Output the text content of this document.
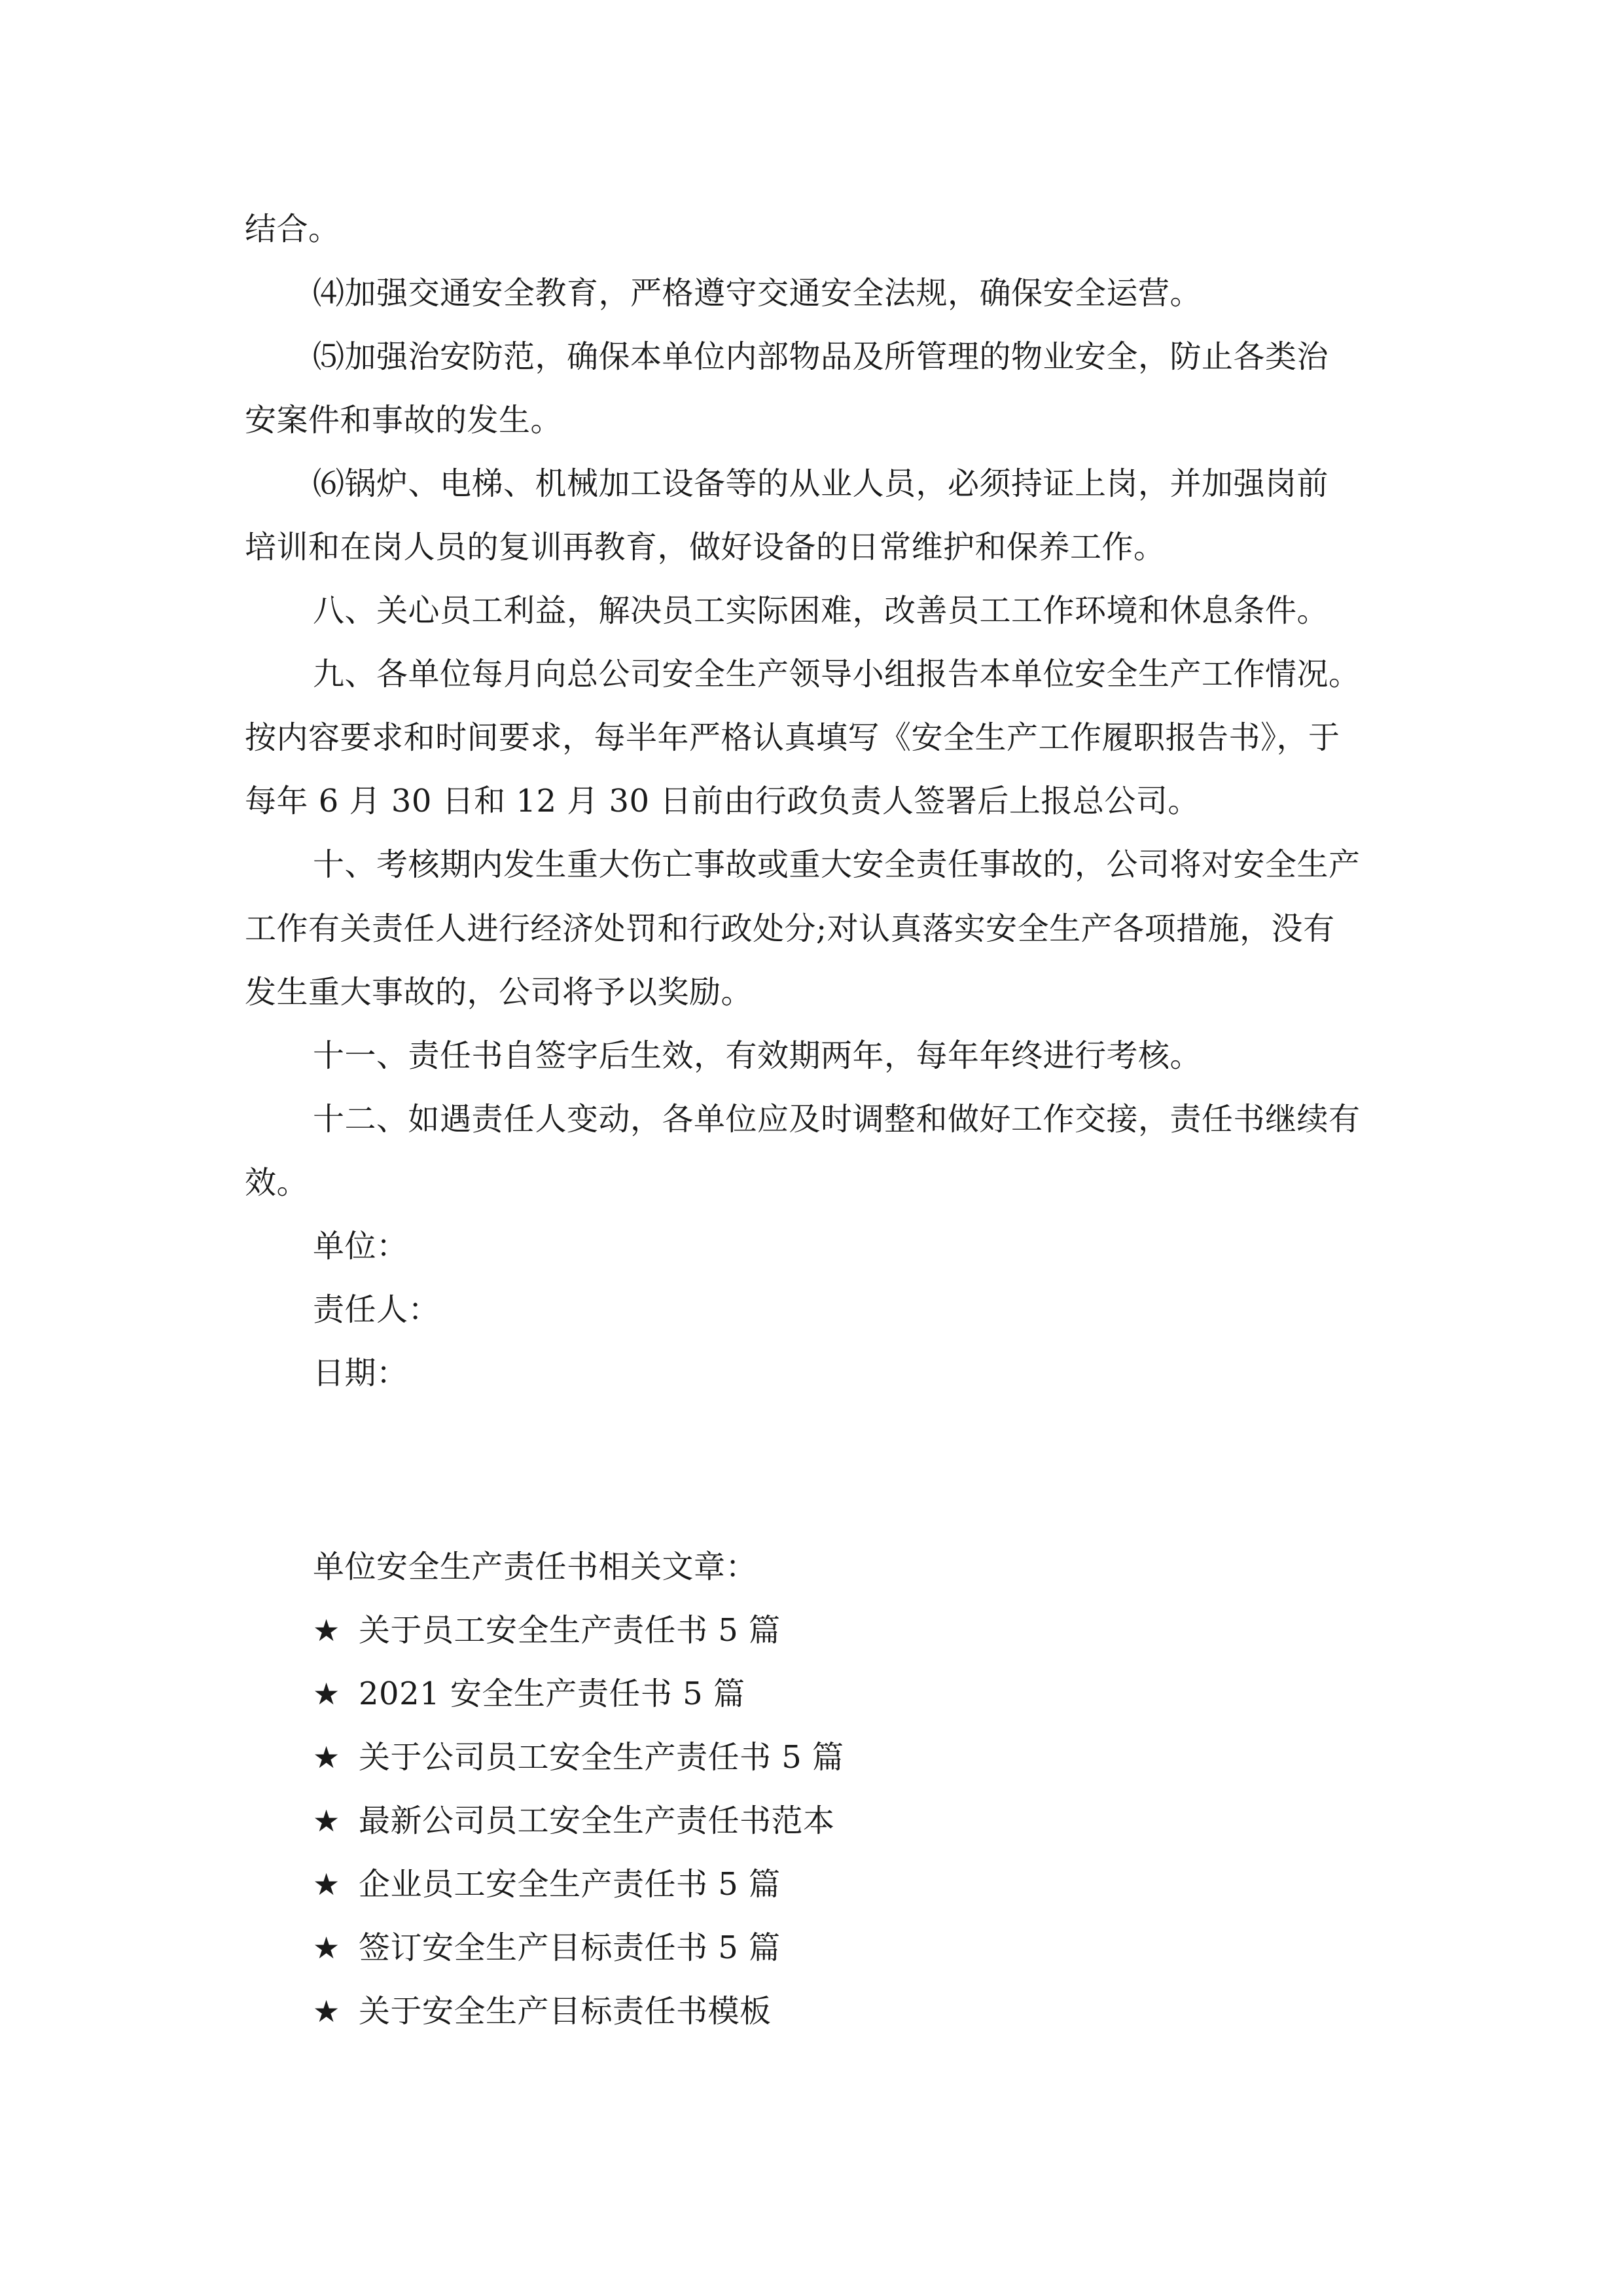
结合。
⑷加强交通安全教育，严格遵守交通安全法规，确保安全运营。
⑸加强治安防范，确保本单位内部物品及所管理的物业安全，防止各类治
安案件和事故的发生。
⑹锅炉、电梯、机械加工设备等的从业人员，必须持证上岗，并加强岗前
培训和在岗人员的复训再教育，做好设备的日常维护和保养工作。
八、关心员工利益，解决员工实际困难，改善员工工作环境和休息条件。
九、各单位每月向总公司安全生产领导小组报告本单位安全生产工作情况。
按内容要求和时间要求，每半年严格认真填写《安全生产工作履职报告书》，于
每年 6 月 30 日和 12 月 30 日前由行政负责人签署后上报总公司。
十、考核期内发生重大伤亡事故或重大安全责任事故的，公司将对安全生产
工作有关责任人进行经济处罚和行政处分;对认真落实安全生产各项措施，没有
发生重大事故的，公司将予以奖励。
十一、责任书自签字后生效，有效期两年，每年年终进行考核。
十二、如遇责任人变动，各单位应及时调整和做好工作交接，责任书继续有
效。
单位：
责任人：
日期：
单位安全生产责任书相关文章：
★ 关于员工安全生产责任书 5 篇
★ 2021 安全生产责任书 5 篇
★ 关于公司员工安全生产责任书 5 篇
★ 最新公司员工安全生产责任书范本
★ 企业员工安全生产责任书 5 篇
★ 签订安全生产目标责任书 5 篇
★ 关于安全生产目标责任书模板
